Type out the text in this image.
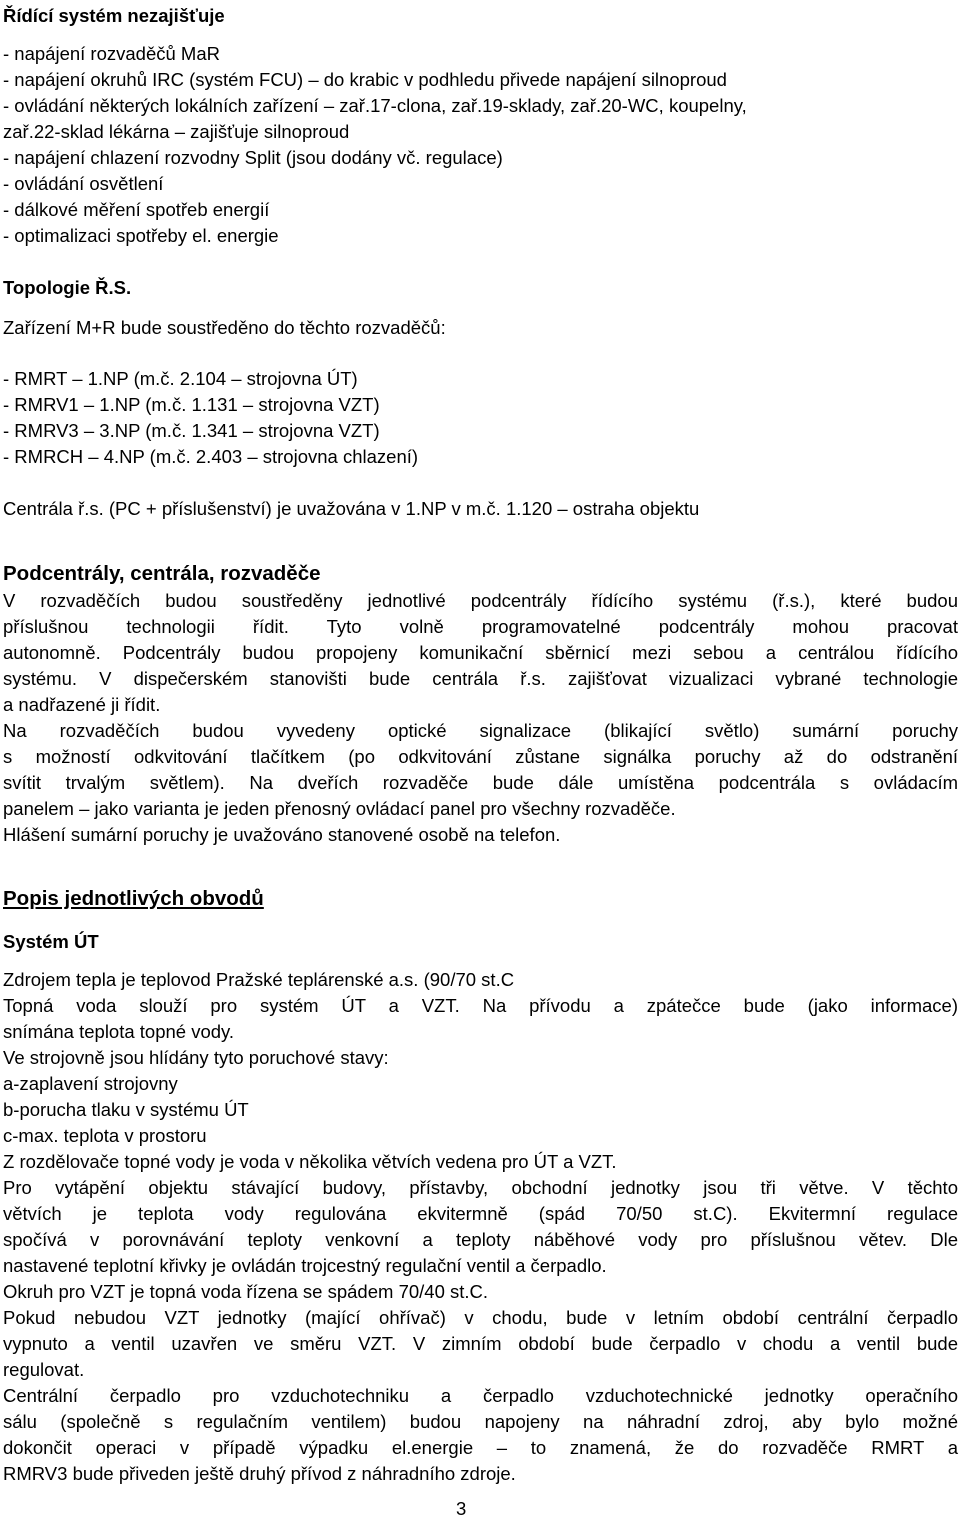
Řídící systém nezajišťuje
- napájení rozvaděčů MaR
- napájení okruhů IRC (systém FCU) – do krabic v podhledu přivede napájení silnoproud
- ovládání některých lokálních zařízení – zař.17-clona, zař.19-sklady, zař.20-WC, koupelny,
zař.22-sklad lékárna – zajišťuje silnoproud
- napájení chlazení rozvodny Split (jsou dodány vč. regulace)
- ovládání osvětlení
- dálkové měření spotřeb energií
- optimalizaci spotřeby el. energie
Topologie Ř.S.
Zařízení M+R bude soustředěno do těchto rozvaděčů:
- RMRT – 1.NP (m.č. 2.104 – strojovna ÚT)
- RMRV1 – 1.NP (m.č. 1.131 – strojovna VZT)
- RMRV3 – 3.NP (m.č. 1.341 – strojovna VZT)
- RMRCH – 4.NP (m.č. 2.403 – strojovna chlazení)
Centrála ř.s. (PC + příslušenství) je uvažována v 1.NP v m.č. 1.120 – ostraha objektu
Podcentrály, centrála, rozvaděče
V rozvaděčích budou soustředěny jednotlivé podcentrály řídícího systému (ř.s.), které budou
příslušnou technologii řídit. Tyto volně programovatelné podcentrály mohou pracovat
autonomně. Podcentrály budou propojeny komunikační sběrnicí mezi sebou a centrálou řídícího
systému. V dispečerském stanovišti bude centrála ř.s. zajišťovat vizualizaci vybrané technologie
a nadřazené ji řídit.
Na rozvaděčích budou vyvedeny optické signalizace (blikající světlo) sumární poruchy
s možností odkvitování tlačítkem (po odkvitování zůstane signálka poruchy až do odstranění
svítit trvalým světlem). Na dveřích rozvaděče bude dále umístěna podcentrála s ovládacím
panelem – jako varianta je jeden přenosný ovládací panel pro všechny rozvaděče.
Hlášení sumární poruchy je uvažováno stanovené osobě na telefon.
Popis jednotlivých obvodů
Systém ÚT
Zdrojem tepla je teplovod Pražské teplárenské a.s. (90/70 st.C
Topná voda slouží pro systém ÚT a VZT. Na přívodu a zpátečce bude (jako informace)
snímána teplota topné vody.
Ve strojovně jsou hlídány tyto poruchové stavy:
a-zaplavení strojovny
b-porucha tlaku v systému ÚT
c-max. teplota v prostoru
Z rozdělovače topné vody je voda v několika větvích vedena pro ÚT a VZT.
Pro vytápění objektu stávající budovy, přístavby, obchodní jednotky jsou tři větve. V těchto
větvích je teplota vody regulována ekvitermně (spád 70/50 st.C). Ekvitermní regulace
spočívá v porovnávání teploty venkovní a teploty náběhové vody pro příslušnou větev. Dle
nastavené teplotní křivky je ovládán trojcestný regulační ventil a čerpadlo.
Okruh pro VZT je topná voda řízena se spádem 70/40 st.C.
Pokud nebudou VZT jednotky (mající ohřívač) v chodu, bude v letním období centrální čerpadlo
vypnuto a ventil uzavřen ve směru VZT. V zimním období bude čerpadlo v chodu a ventil bude
regulovat.
Centrální čerpadlo pro vzduchotechniku a čerpadlo vzduchotechnické jednotky operačního
sálu (společně s regulačním ventilem) budou napojeny na náhradní zdroj, aby bylo možné
dokončit operaci v případě výpadku el.energie – to znamená, že do rozvaděče RMRT a
RMRV3 bude přiveden ještě druhý přívod z náhradního zdroje.
3
